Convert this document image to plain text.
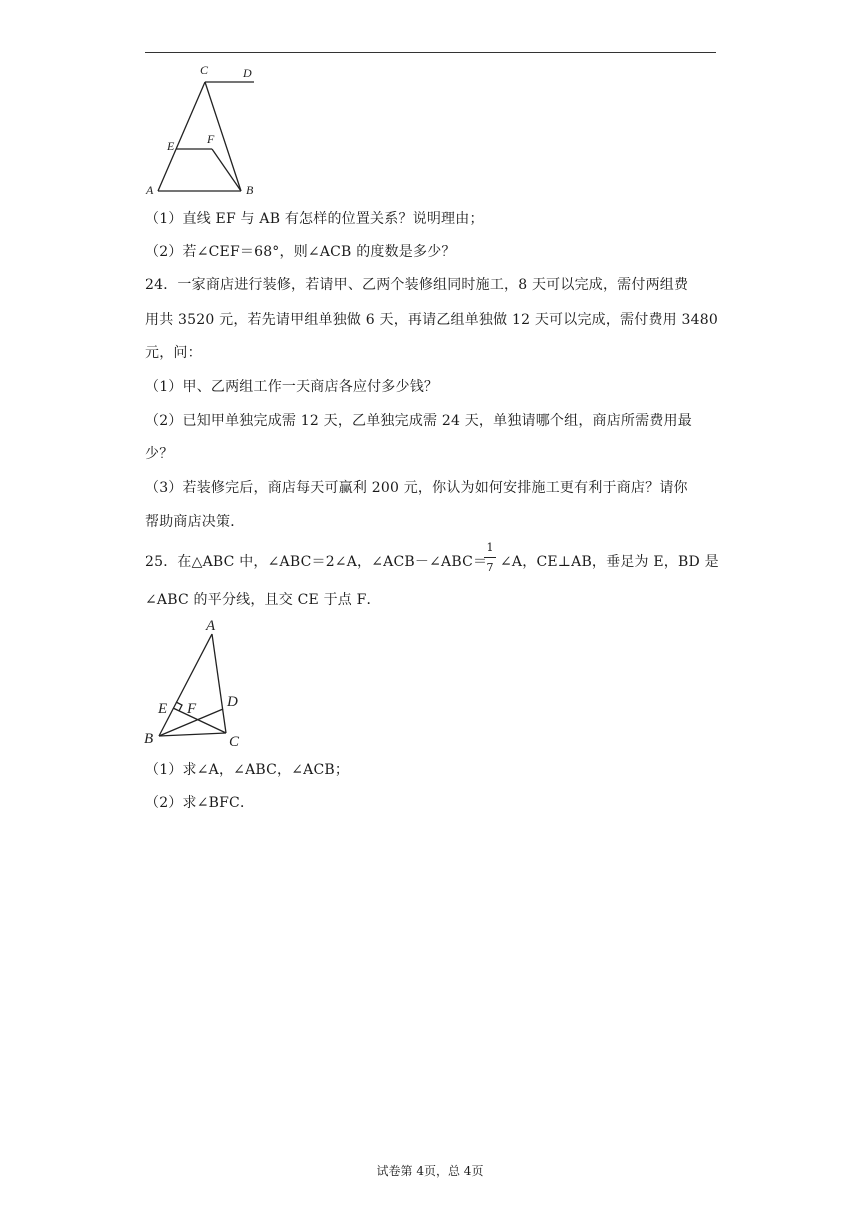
C	D
E	F
A	B
（1）直线 EF 与 AB 有怎样的位置关系？说明理由；
（2）若∠CEF＝68°，则∠ACB 的度数是多少？
24．一家商店进行装修，若请甲、乙两个装修组同时施工，8 天可以完成，需付两组费
用共 3520 元，若先请甲组单独做 6 天，再请乙组单独做 12 天可以完成，需付费用 3480
元，问：
（1）甲、乙两组工作一天商店各应付多少钱？
（2）已知甲单独完成需 12 天，乙单独完成需 24 天，单独请哪个组，商店所需费用最
少？
（3）若装修完后，商店每天可赢利 200 元，你认为如何安排施工更有利于商店？请你
帮助商店决策．
25．在△ABC 中，∠ABC＝2∠A，∠ACB－∠ABC＝
1
7 ∠A，CE⊥AB，垂足为 E，BD 是
∠ABC 的平分线，且交 CE 于点 F．
A
E F D
B	C
（1）求∠A，∠ABC，∠ACB；
（2）求∠BFC．
试卷第 4页，总 4页
